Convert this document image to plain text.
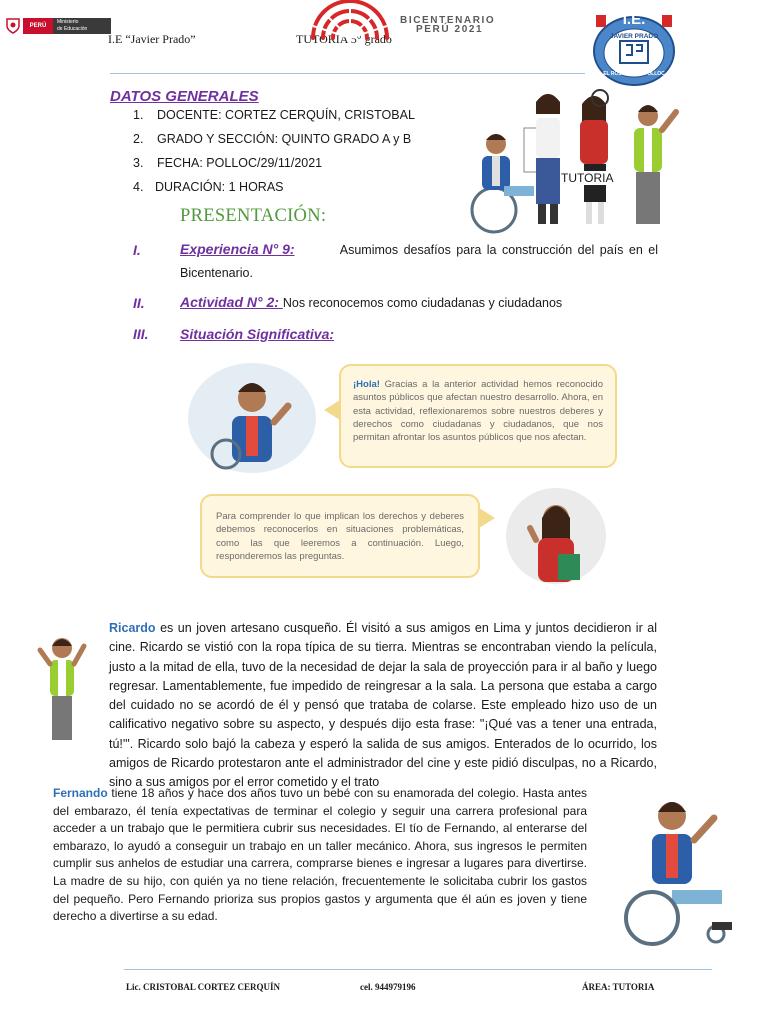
PERÚ
Ministerio
de Educación
I.E “Javier Prado”	TUTORIA 5° grado
BICENTENARIO
PERÚ 2021
I.E.
JAVIER PRADO
EL ROSARIO DE POLLOC
DATOS GENERALES
1. DOCENTE: CORTEZ CERQUÍN, CRISTOBAL
2. GRADO Y SECCIÓN: QUINTO GRADO A y B
3. FECHA: POLLOC/29/11/2021
4. DURACIÓN: 1 HORAS
TUTORIA
PRESENTACIÓN:
I.	Experiencia N° 9:	Asumimos desafíos para la construcción del país en el
Bicentenario.
II.	Actividad N° 2: Nos reconocemos como ciudadanas y ciudadanos
III. Situación Significativa:

¡Hola! Gracias a la anterior actividad hemos reconocido asuntos públicos que afectan nuestro desarrollo. Ahora, en esta actividad, reflexionaremos sobre nuestros deberes y derechos como ciudadanas y ciudadanos, que nos permitan afrontar los asuntos públicos que nos afectan.

Para comprender lo que implican los derechos y deberes debemos reconocerlos en situaciones problemáticas, como las que leeremos a continuación. Luego, responderemos las preguntas.

Ricardo es un joven artesano cusqueño. Él visitó a sus amigos en Lima y juntos decidieron ir al cine. Ricardo se vistió con la ropa típica de su tierra. Mientras se encontraban viendo la película, justo a la mitad de ella, tuvo de la necesidad de dejar la sala de proyección para ir al baño y luego regresar. Lamentablemente, fue impedido de reingresar a la sala. La persona que estaba a cargo del cuidado no se acordó de él y pensó que trataba de colarse. Este empleado hizo uso de un calificativo negativo sobre su aspecto, y después dijo esta frase: "¡Qué vas a tener una entrada, tú!'". Ricardo solo bajó la cabeza y esperó la salida de sus amigos. Enterados de lo ocurrido, los amigos de Ricardo protestaron ante el administrador del cine y este pidió disculpas, no a Ricardo, sino a sus amigos por el error cometido y el trato
Fernando tiene 18 años y hace dos años tuvo un bebé con su enamorada del colegio. Hasta antes del embarazo, él tenía expectativas de terminar el colegio y seguir una carrera profesional para acceder a un trabajo que le permitiera cubrir sus necesidades. El tío de Fernando, al enterarse del embarazo, lo ayudó a conseguir un trabajo en un taller mecánico. Ahora, sus ingresos le permiten cumplir sus anhelos de estudiar una carrera, comprarse bienes e ingresar a lugares para divertirse. La madre de su hijo, con quién ya no tiene relación, frecuentemente le solicitaba cubrir los gastos del pequeño. Pero Fernando prioriza sus propios gastos y argumenta que él aún es joven y tiene derecho a divertirse a su edad.
Lic. CRISTOBAL CORTEZ CERQUÍN	cel. 944979196	ÁREA: TUTORIA
